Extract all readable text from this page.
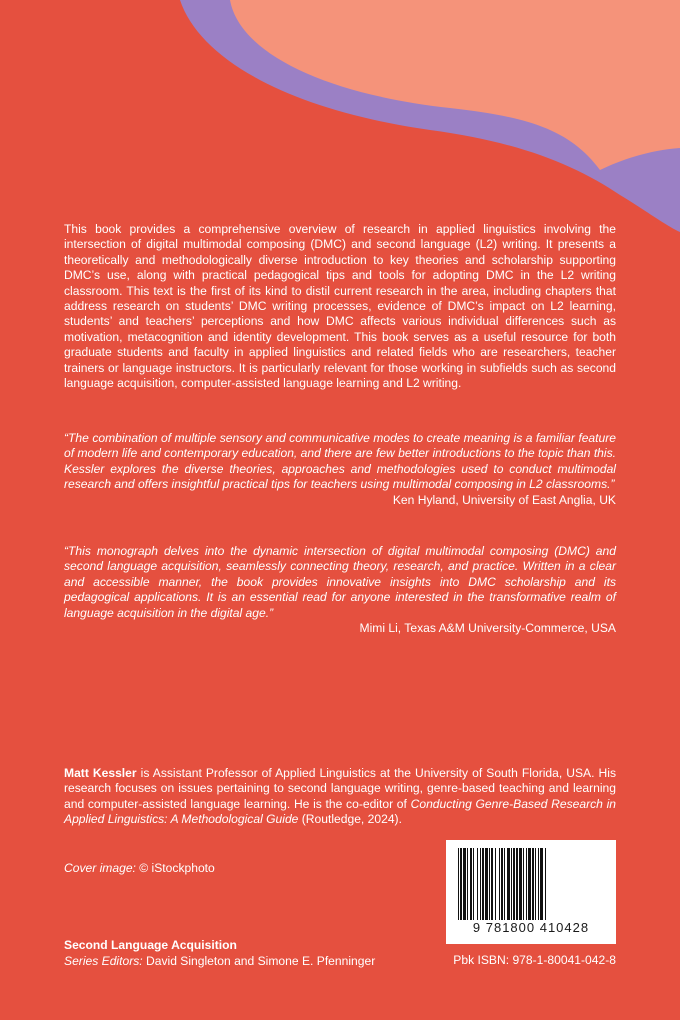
This book provides a comprehensive overview of research in applied linguistics involving the intersection of digital multimodal composing (DMC) and second language (L2) writing. It presents a theoretically and methodologically diverse introduction to key theories and scholarship supporting DMC’s use, along with practical pedagogical tips and tools for adopting DMC in the L2 writing classroom. This text is the first of its kind to distil current research in the area, including chapters that address research on students’ DMC writing processes, evidence of DMC’s impact on L2 learning, students’ and teachers’ perceptions and how DMC affects various individual differences such as motivation, metacognition and identity development. This book serves as a useful resource for both graduate students and faculty in applied linguistics and related fields who are researchers, teacher trainers or language instructors. It is particularly relevant for those working in subfields such as second language acquisition, computer-assisted language learning and L2 writing.

“The combination of multiple sensory and communicative modes to create meaning is a familiar feature of modern life and contemporary education, and there are few better introductions to the topic than this. Kessler explores the diverse theories, approaches and methodologies used to conduct multimodal research and offers insightful practical tips for teachers using multimodal composing in L2 classrooms.”

Ken Hyland, University of East Anglia, UK

“This monograph delves into the dynamic intersection of digital multimodal composing (DMC) and second language acquisition, seamlessly connecting theory, research, and practice. Written in a clear and accessible manner, the book provides innovative insights into DMC scholarship and its pedagogical applications. It is an essential read for anyone interested in the transformative realm of language acquisition in the digital age.”

Mimi Li, Texas A&M University-Commerce, USA

Matt Kessler is Assistant Professor of Applied Linguistics at the University of South Florida, USA. His research focuses on issues pertaining to second language writing, genre-based teaching and learning and computer-assisted language learning. He is the co-editor of Conducting Genre-Based Research in Applied Linguistics: A Methodological Guide (Routledge, 2024).
Cover image: © iStockphoto
Second Language Acquisition
Series Editors: David Singleton and Simone E. Pfenninger
9 781800 410428
Pbk ISBN: 978-1-80041-042-8
